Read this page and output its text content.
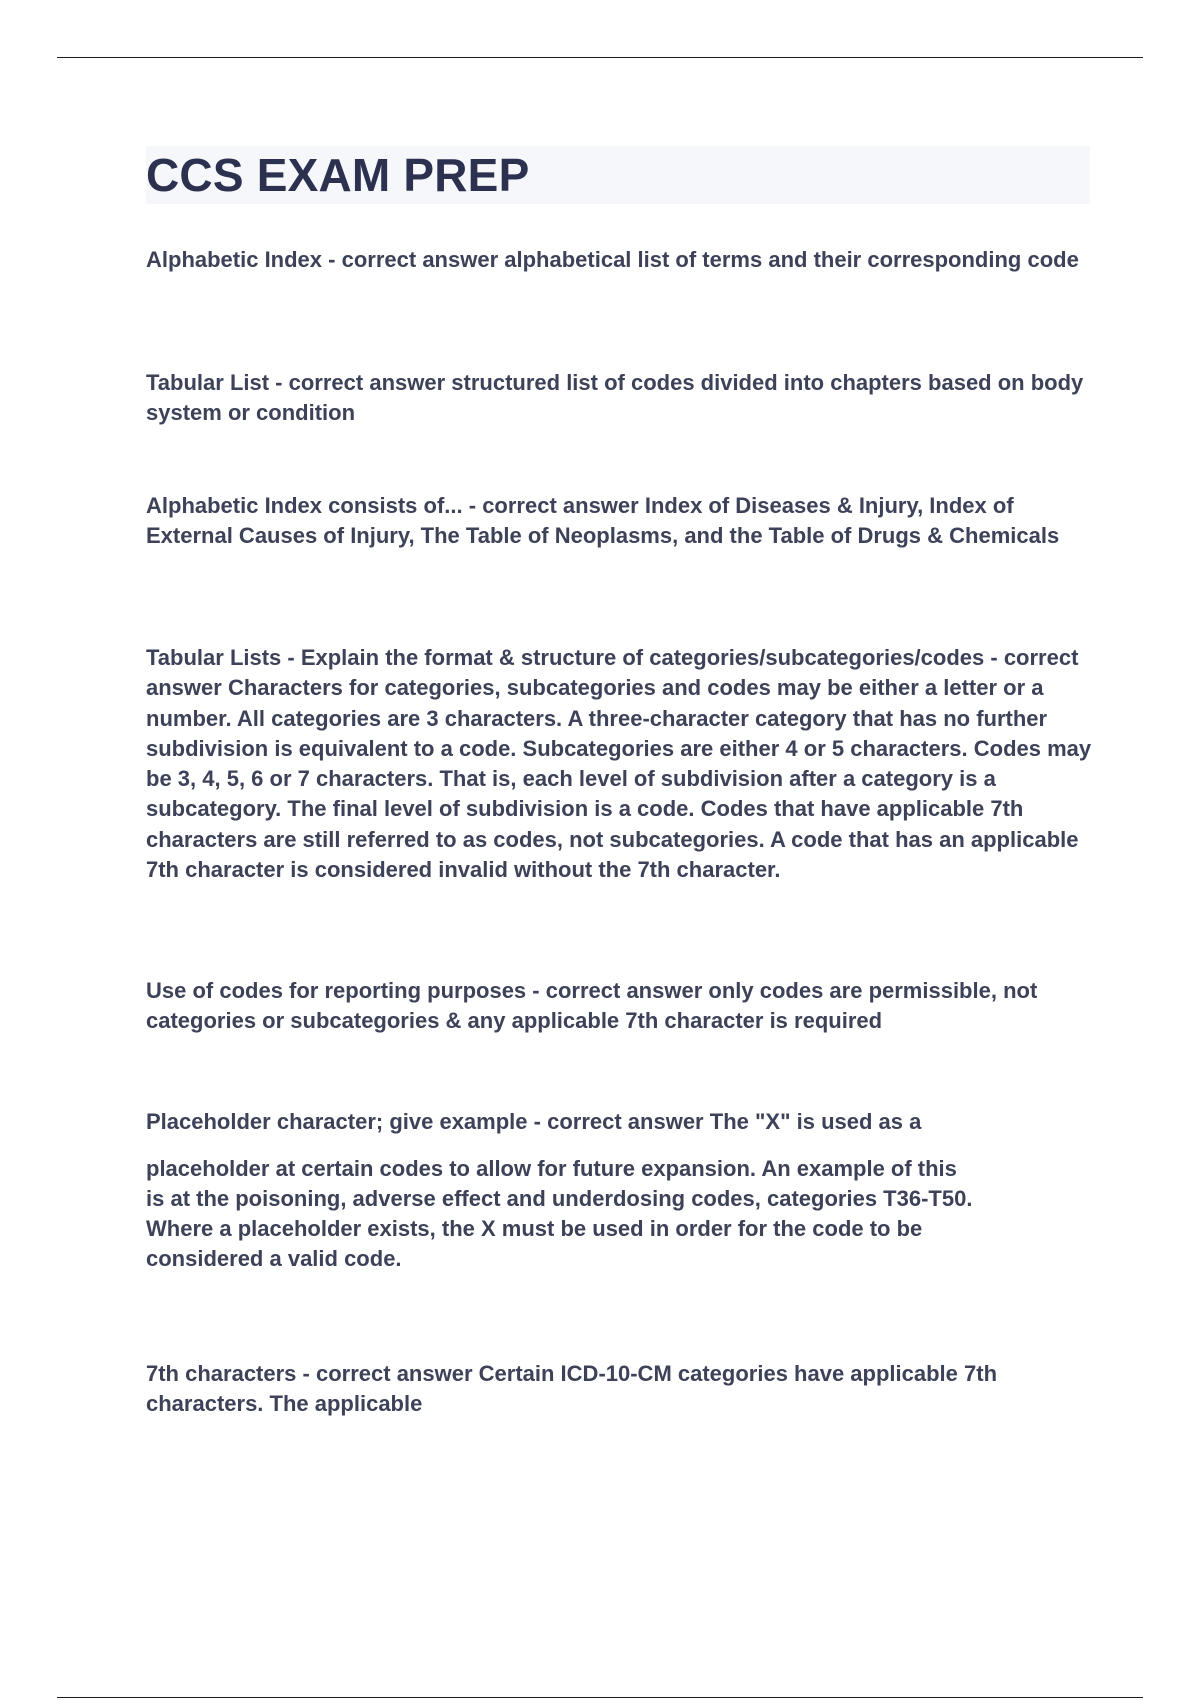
CCS EXAM PREP

Alphabetic Index - correct answer alphabetical list of terms and their corresponding code

Tabular List - correct answer structured list of codes divided into chapters based on body system or condition

Alphabetic Index consists of... - correct answer Index of Diseases & Injury, Index of External Causes of Injury, The Table of Neoplasms, and the Table of Drugs & Chemicals

Tabular Lists - Explain the format & structure of categories/subcategories/codes - correct answer Characters for categories, subcategories and codes may be either a letter or a number. All categories are 3 characters. A three-character category that has no further subdivision is equivalent to a code. Subcategories are either 4 or 5 characters. Codes may be 3, 4, 5, 6 or 7 characters. That is, each level of subdivision after a category is a subcategory. The final level of subdivision is a code. Codes that have applicable 7th characters are still referred to as codes, not subcategories. A code that has an applicable 7th character is considered invalid without the 7th character.

Use of codes for reporting purposes - correct answer only codes are permissible, not categories or subcategories & any applicable 7th character is required

Placeholder character; give example - correct answer The "X" is used as a
placeholder at certain codes to allow for future expansion. An example of this

is at the poisoning, adverse effect and underdosing codes, categories T36-T50.
Where a placeholder exists, the X must be used in order for the code to be
considered a valid code.

7th characters - correct answer Certain ICD-10-CM categories have applicable 7th characters. The applicable
